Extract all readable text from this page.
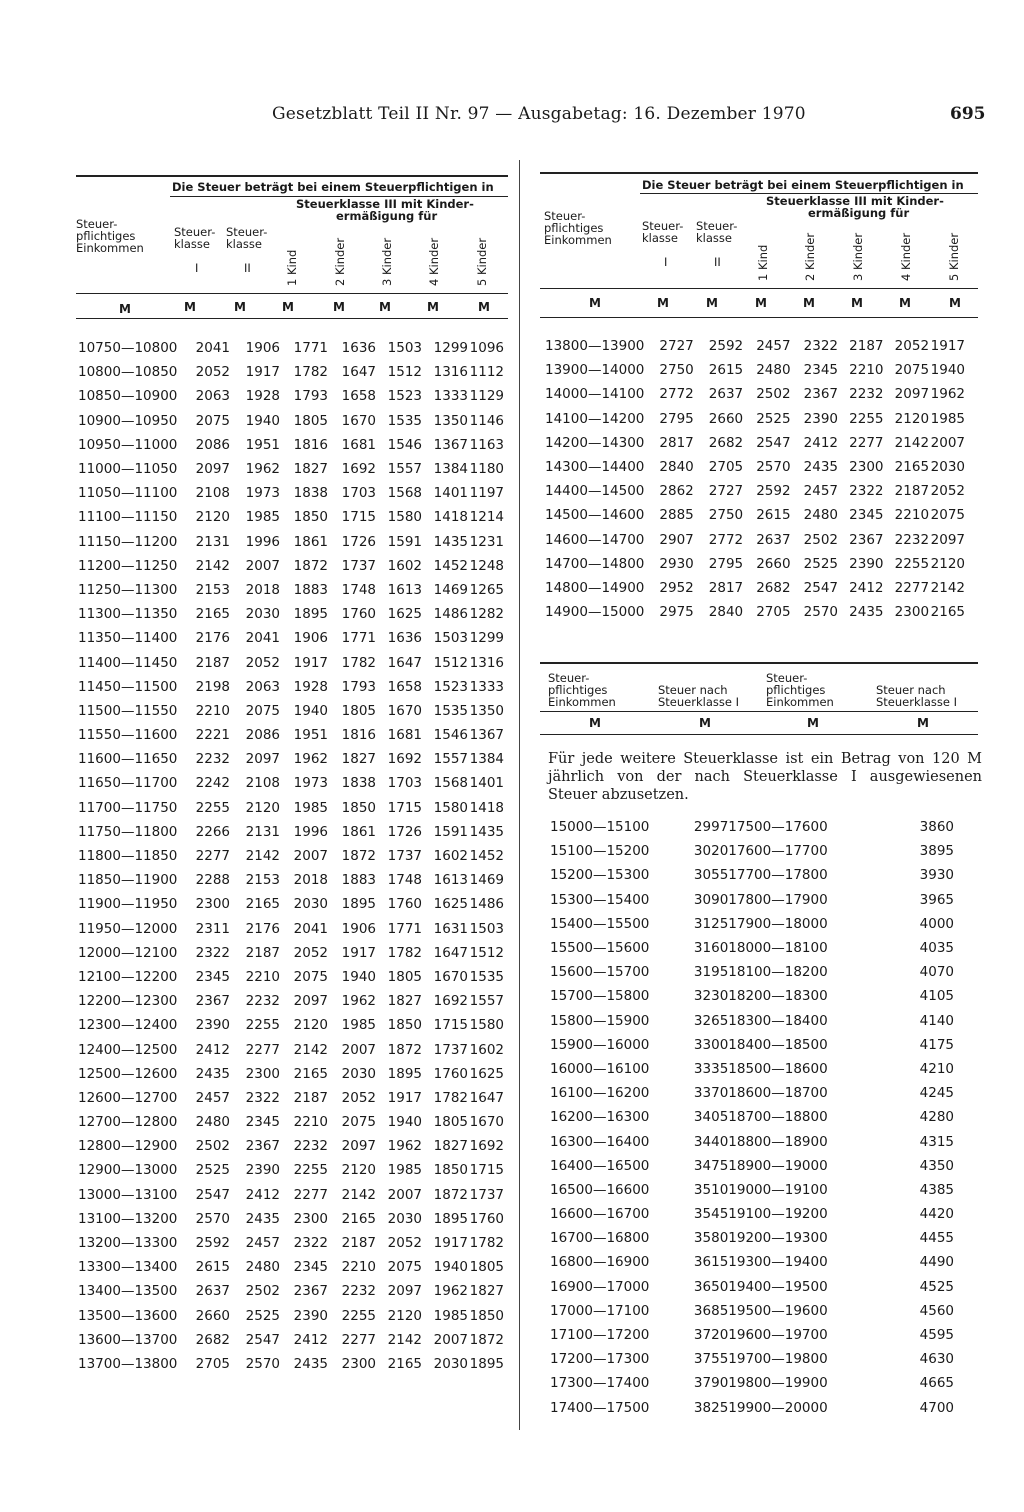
Gesetzblatt Teil II Nr. 97 — Ausgabetag: 16. Dezember 1970	695
Steuer-
pflichtiges
Einkommen
Die Steuer beträgt bei einem Steuerpflichtigen in
Steuerklasse III mit Kinder-
ermäßigung für
Steuer-
klasse
I
Steuer-
klasse
II	1 Kind	2 Kinder	3 Kinder	4 Kinder	5 Kinder
M	M	M	M	M	M	M	M
10750—10800	2041	1906	1771	1636	1503	1299	1096
10800—10850	2052	1917	1782	1647	1512	1316	1112
10850—10900	2063	1928	1793	1658	1523	1333	1129
10900—10950	2075	1940	1805	1670	1535	1350	1146
10950—11000	2086	1951	1816	1681	1546	1367	1163
11000—11050	2097	1962	1827	1692	1557	1384	1180
11050—11100	2108	1973	1838	1703	1568	1401	1197
11100—11150	2120	1985	1850	1715	1580	1418	1214
11150—11200	2131	1996	1861	1726	1591	1435	1231
11200—11250	2142	2007	1872	1737	1602	1452	1248
11250—11300	2153	2018	1883	1748	1613	1469	1265
11300—11350	2165	2030	1895	1760	1625	1486	1282
11350—11400	2176	2041	1906	1771	1636	1503	1299
11400—11450	2187	2052	1917	1782	1647	1512	1316
11450—11500	2198	2063	1928	1793	1658	1523	1333
11500—11550	2210	2075	1940	1805	1670	1535	1350
11550—11600	2221	2086	1951	1816	1681	1546	1367
11600—11650	2232	2097	1962	1827	1692	1557	1384
11650—11700	2242	2108	1973	1838	1703	1568	1401
11700—11750	2255	2120	1985	1850	1715	1580	1418
11750—11800	2266	2131	1996	1861	1726	1591	1435
11800—11850	2277	2142	2007	1872	1737	1602	1452
11850—11900	2288	2153	2018	1883	1748	1613	1469
11900—11950	2300	2165	2030	1895	1760	1625	1486
11950—12000	2311	2176	2041	1906	1771	1631	1503
12000—12100	2322	2187	2052	1917	1782	1647	1512
12100—12200	2345	2210	2075	1940	1805	1670	1535
12200—12300	2367	2232	2097	1962	1827	1692	1557
12300—12400	2390	2255	2120	1985	1850	1715	1580
12400—12500	2412	2277	2142	2007	1872	1737	1602
12500—12600	2435	2300	2165	2030	1895	1760	1625
12600—12700	2457	2322	2187	2052	1917	1782	1647
12700—12800	2480	2345	2210	2075	1940	1805	1670
12800—12900	2502	2367	2232	2097	1962	1827	1692
12900—13000	2525	2390	2255	2120	1985	1850	1715
13000—13100	2547	2412	2277	2142	2007	1872	1737
13100—13200	2570	2435	2300	2165	2030	1895	1760
13200—13300	2592	2457	2322	2187	2052	1917	1782
13300—13400	2615	2480	2345	2210	2075	1940	1805
13400—13500	2637	2502	2367	2232	2097	1962	1827
13500—13600	2660	2525	2390	2255	2120	1985	1850
13600—13700	2682	2547	2412	2277	2142	2007	1872
13700—13800	2705	2570	2435	2300	2165	2030	1895
Steuer-
pflichtiges
Einkommen
Die Steuer beträgt bei einem Steuerpflichtigen in
Steuerklasse III mit Kinder-
ermäßigung für
Steuer-
klasse
I
Steuer-
klasse
II	1 Kind	2 Kinder	3 Kinder	4 Kinder	5 Kinder
M	M	M	M	M	M	M	M
13800—13900	2727	2592	2457	2322	2187	2052	1917
13900—14000	2750	2615	2480	2345	2210	2075	1940
14000—14100	2772	2637	2502	2367	2232	2097	1962
14100—14200	2795	2660	2525	2390	2255	2120	1985
14200—14300	2817	2682	2547	2412	2277	2142	2007
14300—14400	2840	2705	2570	2435	2300	2165	2030
14400—14500	2862	2727	2592	2457	2322	2187	2052
14500—14600	2885	2750	2615	2480	2345	2210	2075
14600—14700	2907	2772	2637	2502	2367	2232	2097
14700—14800	2930	2795	2660	2525	2390	2255	2120
14800—14900	2952	2817	2682	2547	2412	2277	2142
14900—15000	2975	2840	2705	2570	2435	2300	2165
Steuer-
pflichtiges
Einkommen
Steuer nach
Steuerklasse I
Steuer-
pflichtiges
Einkommen
Steuer nach
Steuerklasse I
M	M	M	M
Für jede weitere Steuerklasse ist ein Betrag von 120 M jährlich von der nach Steuerklasse I ausgewiesenen Steuer abzusetzen.
15000—15100	2997	17500—17600	3860
15100—15200	3020	17600—17700	3895
15200—15300	3055	17700—17800	3930
15300—15400	3090	17800—17900	3965
15400—15500	3125	17900—18000	4000
15500—15600	3160	18000—18100	4035
15600—15700	3195	18100—18200	4070
15700—15800	3230	18200—18300	4105
15800—15900	3265	18300—18400	4140
15900—16000	3300	18400—18500	4175
16000—16100	3335	18500—18600	4210
16100—16200	3370	18600—18700	4245
16200—16300	3405	18700—18800	4280
16300—16400	3440	18800—18900	4315
16400—16500	3475	18900—19000	4350
16500—16600	3510	19000—19100	4385
16600—16700	3545	19100—19200	4420
16700—16800	3580	19200—19300	4455
16800—16900	3615	19300—19400	4490
16900—17000	3650	19400—19500	4525
17000—17100	3685	19500—19600	4560
17100—17200	3720	19600—19700	4595
17200—17300	3755	19700—19800	4630
17300—17400	3790	19800—19900	4665
17400—17500	3825	19900—20000	4700
